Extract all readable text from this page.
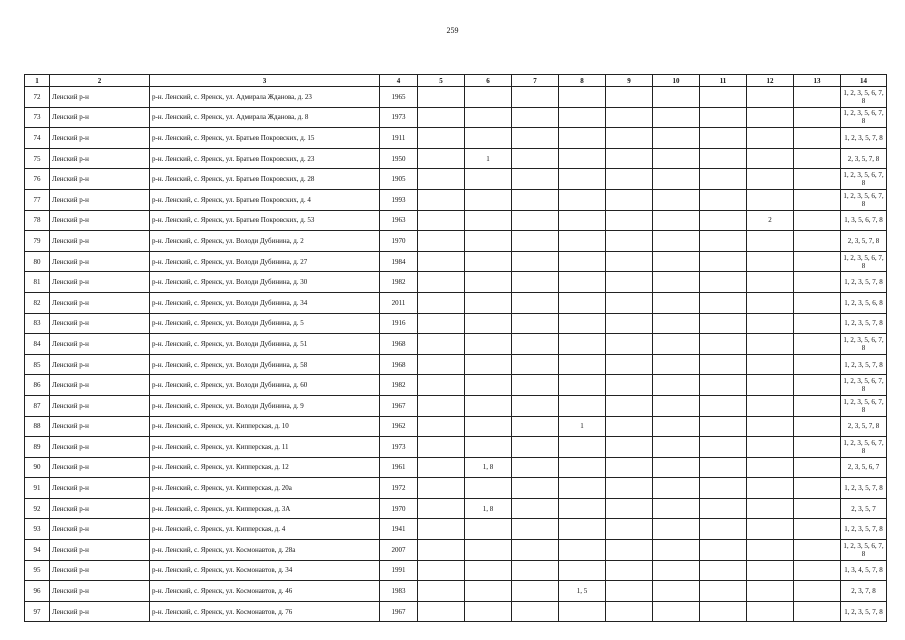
259
1	2	3	4	5	6	7	8	9	10	11	12	13	14
72	Ленский р-н	р-н. Ленский, с. Яренск, ул. Адмирала Жданова, д. 23	1965										1, 2, 3, 5, 6, 7, 8
73	Ленский р-н	р-н. Ленский, с. Яренск, ул. Адмирала Жданова, д. 8	1973										1, 2, 3, 5, 6, 7, 8
74	Ленский р-н	р-н. Ленский, с. Яренск, ул. Братьев Покровских, д. 15	1911										1, 2, 3, 5, 7, 8
75	Ленский р-н	р-н. Ленский, с. Яренск, ул. Братьев Покровских, д. 23	1950		1								2, 3, 5, 7, 8
76	Ленский р-н	р-н. Ленский, с. Яренск, ул. Братьев Покровских, д. 28	1905										1, 2, 3, 5, 6, 7, 8
77	Ленский р-н	р-н. Ленский, с. Яренск, ул. Братьев Покровских, д. 4	1993										1, 2, 3, 5, 6, 7, 8
78	Ленский р-н	р-н. Ленский, с. Яренск, ул. Братьев Покровских, д. 53	1963								2		1, 3, 5, 6, 7, 8
79	Ленский р-н	р-н. Ленский, с. Яренск, ул. Володи Дубинина, д. 2	1970										2, 3, 5, 7, 8
80	Ленский р-н	р-н. Ленский, с. Яренск, ул. Володи Дубинина, д. 27	1984										1, 2, 3, 5, 6, 7, 8
81	Ленский р-н	р-н. Ленский, с. Яренск, ул. Володи Дубинина, д. 30	1982										1, 2, 3, 5, 7, 8
82	Ленский р-н	р-н. Ленский, с. Яренск, ул. Володи Дубинина, д. 34	2011										1, 2, 3, 5, 6, 8
83	Ленский р-н	р-н. Ленский, с. Яренск, ул. Володи Дубинина, д. 5	1916										1, 2, 3, 5, 7, 8
84	Ленский р-н	р-н. Ленский, с. Яренск, ул. Володи Дубинина, д. 51	1968										1, 2, 3, 5, 6, 7, 8
85	Ленский р-н	р-н. Ленский, с. Яренск, ул. Володи Дубинина, д. 58	1968										1, 2, 3, 5, 7, 8
86	Ленский р-н	р-н. Ленский, с. Яренск, ул. Володи Дубинина, д. 60	1982										1, 2, 3, 5, 6, 7, 8
87	Ленский р-н	р-н. Ленский, с. Яренск, ул. Володи Дубинина, д. 9	1967										1, 2, 3, 5, 6, 7, 8
88	Ленский р-н	р-н. Ленский, с. Яренск, ул. Кипперская, д. 10	1962				1						2, 3, 5, 7, 8
89	Ленский р-н	р-н. Ленский, с. Яренск, ул. Кипперская, д. 11	1973										1, 2, 3, 5, 6, 7, 8
90	Ленский р-н	р-н. Ленский, с. Яренск, ул. Кипперская, д. 12	1961		1, 8								2, 3, 5, 6, 7
91	Ленский р-н	р-н. Ленский, с. Яренск, ул. Кипперская, д. 20а	1972										1, 2, 3, 5, 7, 8
92	Ленский р-н	р-н. Ленский, с. Яренск, ул. Кипперская, д. 3А	1970		1, 8								2, 3, 5, 7
93	Ленский р-н	р-н. Ленский, с. Яренск, ул. Кипперская, д. 4	1941										1, 2, 3, 5, 7, 8
94	Ленский р-н	р-н. Ленский, с. Яренск, ул. Космонавтов, д. 28а	2007										1, 2, 3, 5, 6, 7, 8
95	Ленский р-н	р-н. Ленский, с. Яренск, ул. Космонавтов, д. 34	1991										1, 3, 4, 5, 7, 8
96	Ленский р-н	р-н. Ленский, с. Яренск, ул. Космонавтов, д. 46	1983				1, 5						2, 3, 7, 8
97	Ленский р-н	р-н. Ленский, с. Яренск, ул. Космонавтов, д. 76	1967										1, 2, 3, 5, 7, 8
